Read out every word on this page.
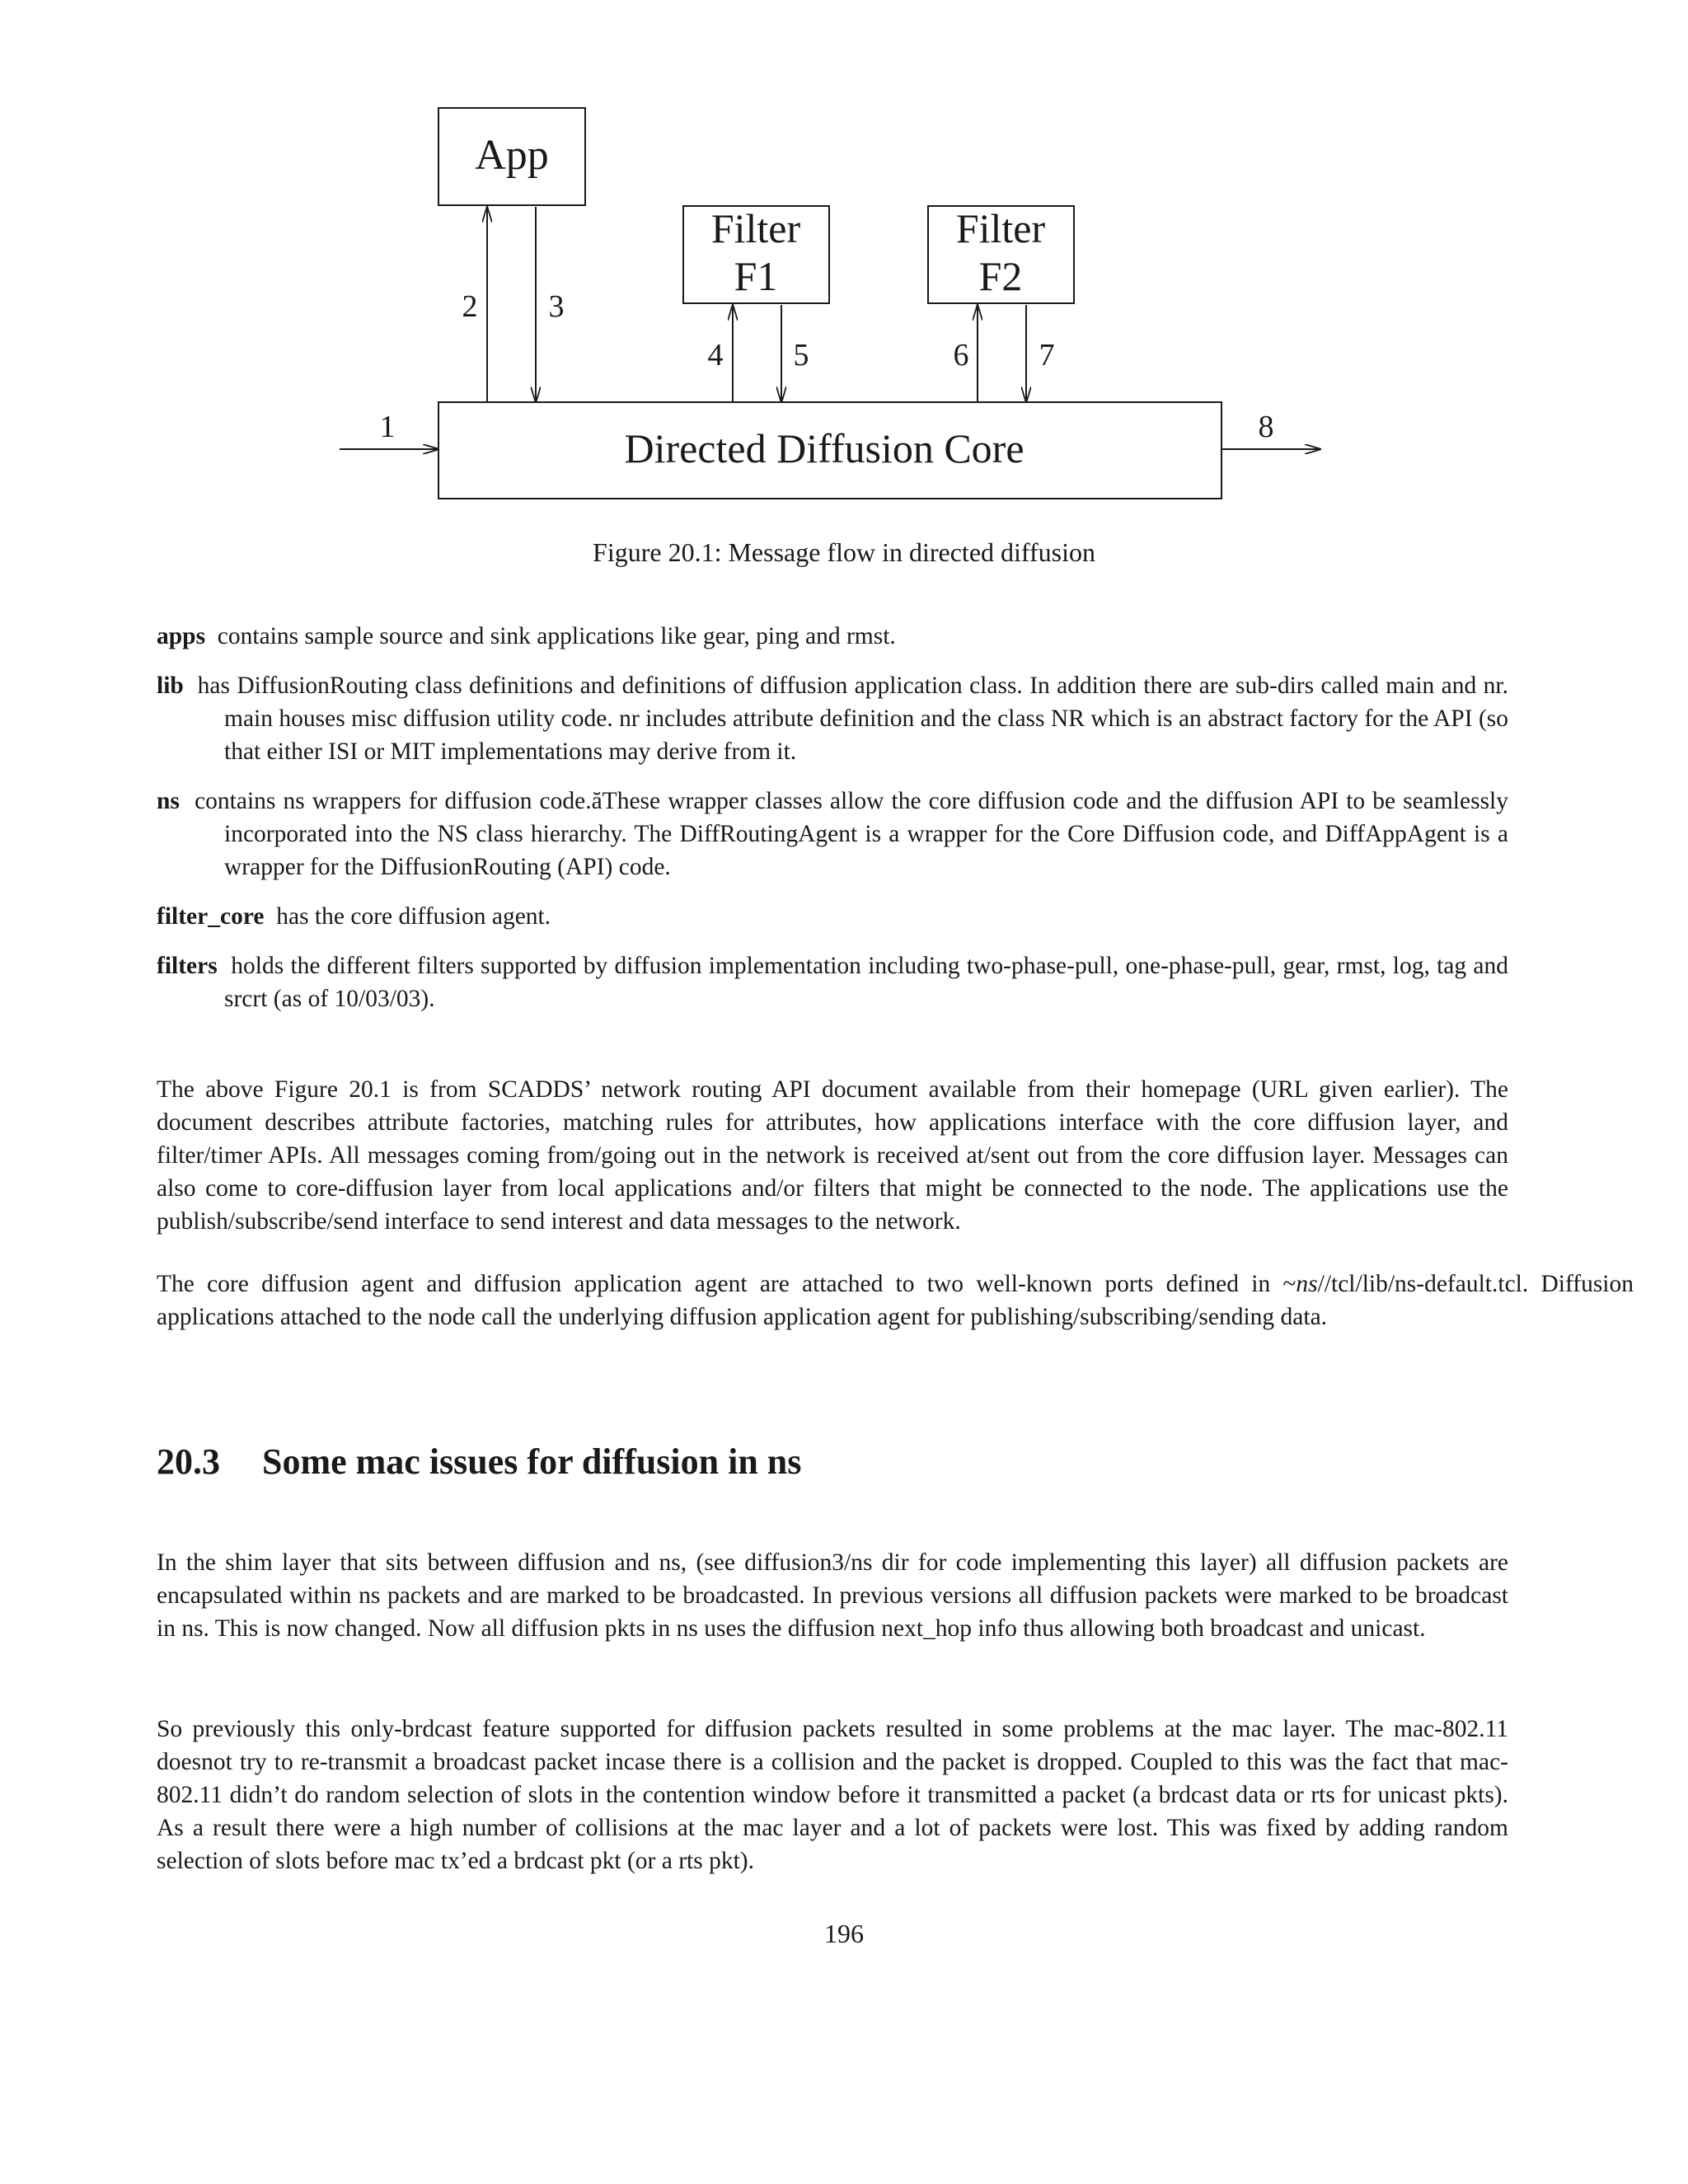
App
Filter
F1
Filter
F2
Directed Diffusion Core
1
2 3
4 5	6 7
8
Figure 20.1: Message flow in directed diffusion
apps contains sample source and sink applications like gear, ping and rmst.
lib has DiffusionRouting class definitions and definitions of diffusion application class. In addition there are sub-dirs called main and nr. main houses misc diffusion utility code. nr includes attribute definition and the class NR which is an abstract factory for the API (so that either ISI or MIT implementations may derive from it.
ns contains ns wrappers for diffusion code.ăThese wrapper classes allow the core diffusion code and the diffusion API to be seamlessly incorporated into the NS class hierarchy. The DiffRoutingAgent is a wrapper for the Core Diffusion code, and DiffAppAgent is a wrapper for the DiffusionRouting (API) code.
filter_core has the core diffusion agent.
filters holds the different filters supported by diffusion implementation including two-phase-pull, one-phase-pull, gear, rmst, log, tag and srcrt (as of 10/03/03).

The above Figure 20.1 is from SCADDS’ network routing API document available from their homepage (URL given earlier). The document describes attribute factories, matching rules for attributes, how applications interface with the core diffusion layer, and filter/timer APIs. All messages coming from/going out in the network is received at/sent out from the core diffusion layer. Messages can also come to core-diffusion layer from local applications and/or filters that might be connected to the node. The applications use the publish/subscribe/send interface to send interest and data messages to the network.

The core diffusion agent and diffusion application agent are attached to two well-known ports defined in ~ns//tcl/lib/ns-default.tcl. Diffusion applications attached to the node call the underlying diffusion application agent for publishing/subscribing/sending data.

20.3 Some mac issues for diffusion in ns

In the shim layer that sits between diffusion and ns, (see diffusion3/ns dir for code implementing this layer) all diffusion packets are encapsulated within ns packets and are marked to be broadcasted. In previous versions all diffusion packets were marked to be broadcast in ns. This is now changed. Now all diffusion pkts in ns uses the diffusion next_hop info thus allowing both broadcast and unicast.

So previously this only-brdcast feature supported for diffusion packets resulted in some problems at the mac layer. The mac-802.11 doesnot try to re-transmit a broadcast packet incase there is a collision and the packet is dropped. Coupled to this was the fact that mac-802.11 didn’t do random selection of slots in the contention window before it transmitted a packet (a brdcast data or rts for unicast pkts). As a result there were a high number of collisions at the mac layer and a lot of packets were lost. This was fixed by adding random selection of slots before mac tx’ed a brdcast pkt (or a rts pkt).

196
